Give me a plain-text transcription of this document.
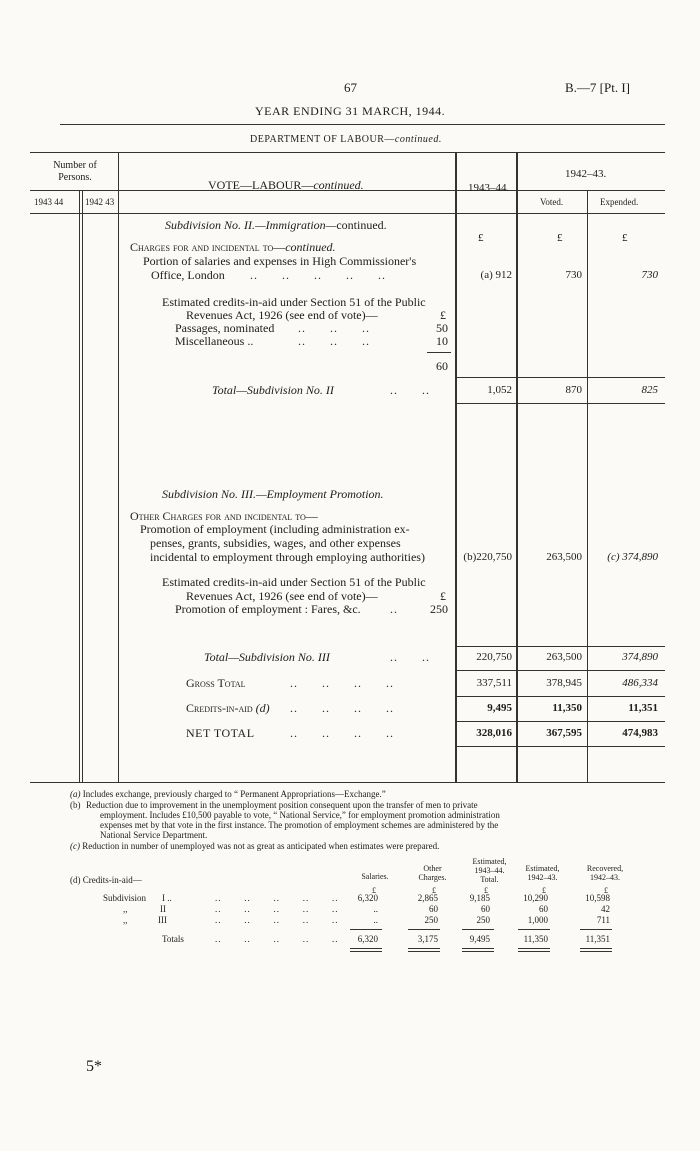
67	B.—7 [Pt. I]
YEAR ENDING 31 MARCH, 1944.
DEPARTMENT OF LABOUR—continued.
Number of Persons.
1943 44 1942 43
VOTE—LABOUR—continued.	1943–44.
1942–43.
Voted.	Expended.
Subdivision No. II.—Immigration—continued.
£	£	£
Charges for and incidental to—continued.
Portion of salaries and expenses in High Commissioner's
Office, London ..      ..      ..      ..      ..	(a) 912	730	730
Estimated credits-in-aid under Section 51 of the Public
Revenues Act, 1926 (see end of vote)—	£
Passages, nominated ..      ..      ..	50
Miscellaneous ..	..      ..      ..	10
60
Total—Subdivision No. II	..      ..	1,052	870	825
Subdivision No. III.—Employment Promotion.
Other Charges for and incidental to—
Promotion of employment (including administration ex-
penses, grants, subsidies, wages, and other expenses
incidental to employment through employing authorities)	(b)220,750	263,500	(c) 374,890
Estimated credits-in-aid under Section 51 of the Public
Revenues Act, 1926 (see end of vote)—	£
Promotion of employment : Fares, &c. ..	250
Total—Subdivision No. III	..      ..	220,750	263,500	374,890
Gross Total	..      ..      ..      ..	337,511	378,945	486,334
Credits-in-aid (d) ..      ..      ..      ..	9,495	11,350	11,351
NET TOTAL	..      ..      ..      ..	328,016	367,595	474,983
(a) Includes exchange, previously charged to “ Permanent Appropriations—Exchange.”
(b) Reduction due to improvement in the unemployment position consequent upon the transfer of men to private
employment. Includes £10,500 payable to vote, “ National Service,” for employment promotion administration
expenses met by that vote in the first instance. The promotion of employment schemes are administered by the
National Service Department.
(c) Reduction in number of unemployed was not as great as anticipated when estimates were prepared.
(d) Credits-in-aid—	Salaries.
Other
Charges.
Estimated,
1943–44.
Total.
Estimated,
1942–43.
Recovered,
1942–43.
£	£	£	£	£
Subdivision I ..	..       ..       ..       ..       ..	6,320	2,865	9,185	10,290	10,598
,,	II	..       ..       ..       ..       ..	..	60	60	60	42
,,	III	..       ..       ..       ..       ..	..	250	250	1,000	711
Totals	..       ..       ..       ..       ..	6,320	3,175	9,495	11,350	11,351
5*
